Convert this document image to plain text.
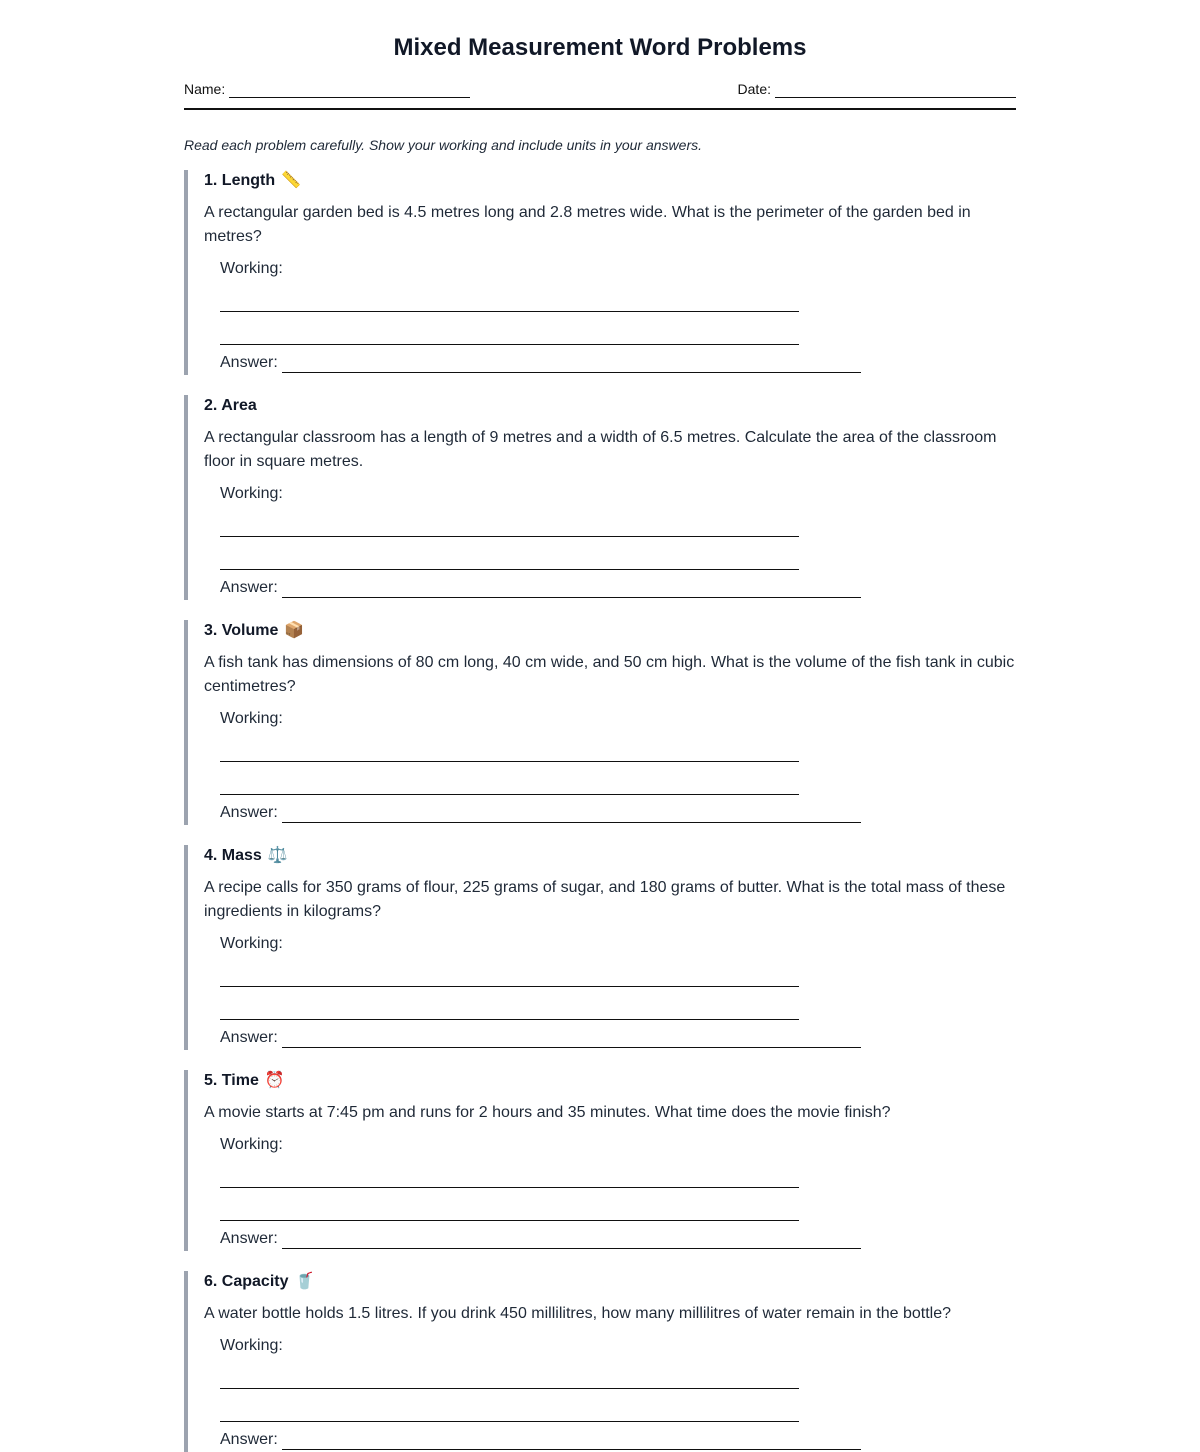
Mixed Measurement Word Problems
Name:	Date:

Read each problem carefully. Show your working and include units in your answers.

1. Length 📏

A rectangular garden bed is 4.5 metres long and 2.8 metres wide. What is the perimeter of the garden bed in metres?

Working:
Answer:
2. Area

A rectangular classroom has a length of 9 metres and a width of 6.5 metres. Calculate the area of the classroom floor in square metres.

Working:
Answer:
3. Volume 📦

A fish tank has dimensions of 80 cm long, 40 cm wide, and 50 cm high. What is the volume of the fish tank in cubic centimetres?

Working:
Answer:
4. Mass ⚖️

A recipe calls for 350 grams of flour, 225 grams of sugar, and 180 grams of butter. What is the total mass of these ingredients in kilograms?

Working:
Answer:
5. Time ⏰

A movie starts at 7:45 pm and runs for 2 hours and 35 minutes. What time does the movie finish?

Working:
Answer:
6. Capacity 🥤

A water bottle holds 1.5 litres. If you drink 450 millilitres, how many millilitres of water remain in the bottle?

Working:
Answer:
